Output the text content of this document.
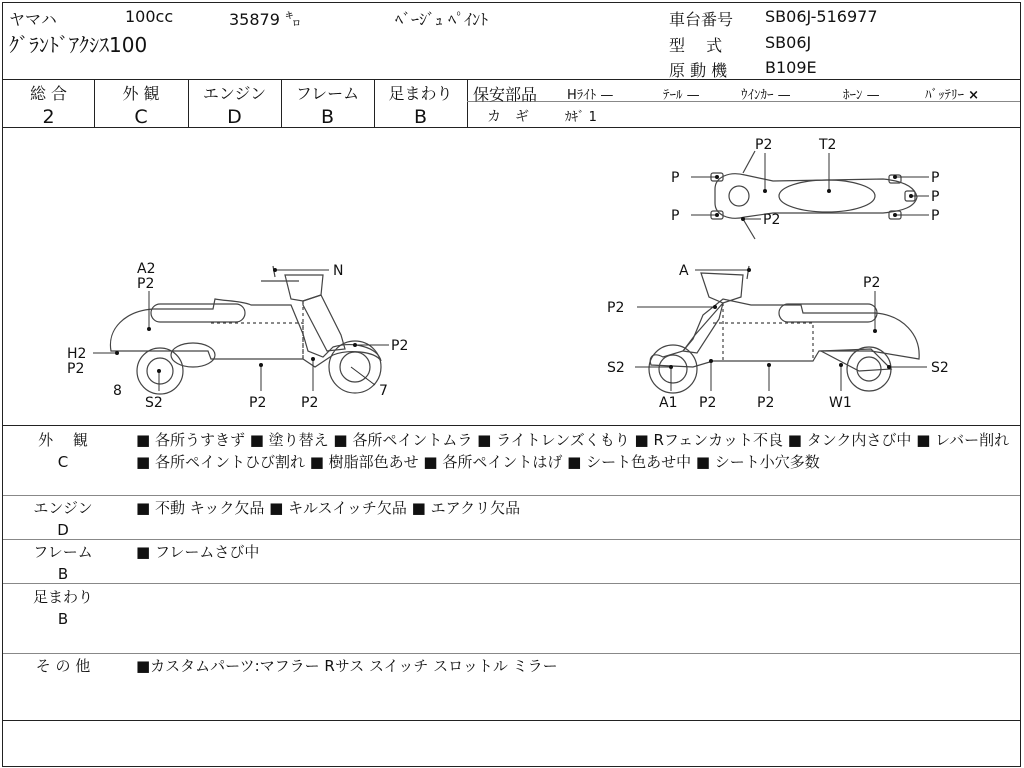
ヤマハ	100cc	35879 ㌔	ﾍﾞｰｼﾞｭ ﾍﾟｲﾝﾄ
ｸﾞﾗﾝﾄﾞｱｸｼｽ100
車台番号 SB06J-516977
型　 式	SB06J
原 動 機 B109E
総 合
2
外 観
C
エンジン
D
フレーム
B
足まわり
B
保安部品 Hﾗｲﾄ —	ﾃｰﾙ —	ｳｲﾝｶｰ —	ﾎｰﾝ —	ﾊﾞｯﾃﾘｰ ×
カ　ギ	ｶｷﾞ 1
P2	T2
P
P	P2
P
P
P
N
A2
P2
H2
P2
8
S2	P2 P2
P2
7
A
P2
P2
S2
A1 P2	P2	W1
S2
外　 観
C
■ 各所うすきず ■ 塗り替え ■ 各所ペイントムラ ■ ライトレンズくもり ■ Rフェンカット不良 ■ タンク内さび中 ■ レバー削れ ■ 各所ペイントひび割れ ■ 樹脂部色あせ ■ 各所ペイントはげ ■ シート色あせ中 ■ シート小穴多数
エンジン
D
■ 不動 キック欠品 ■ キルスイッチ欠品 ■ エアクリ欠品
フレーム
B
■ フレームさび中
足まわり
B
そ の 他	■カスタムパーツ:マフラー Rサス スイッチ スロットル ミラー
